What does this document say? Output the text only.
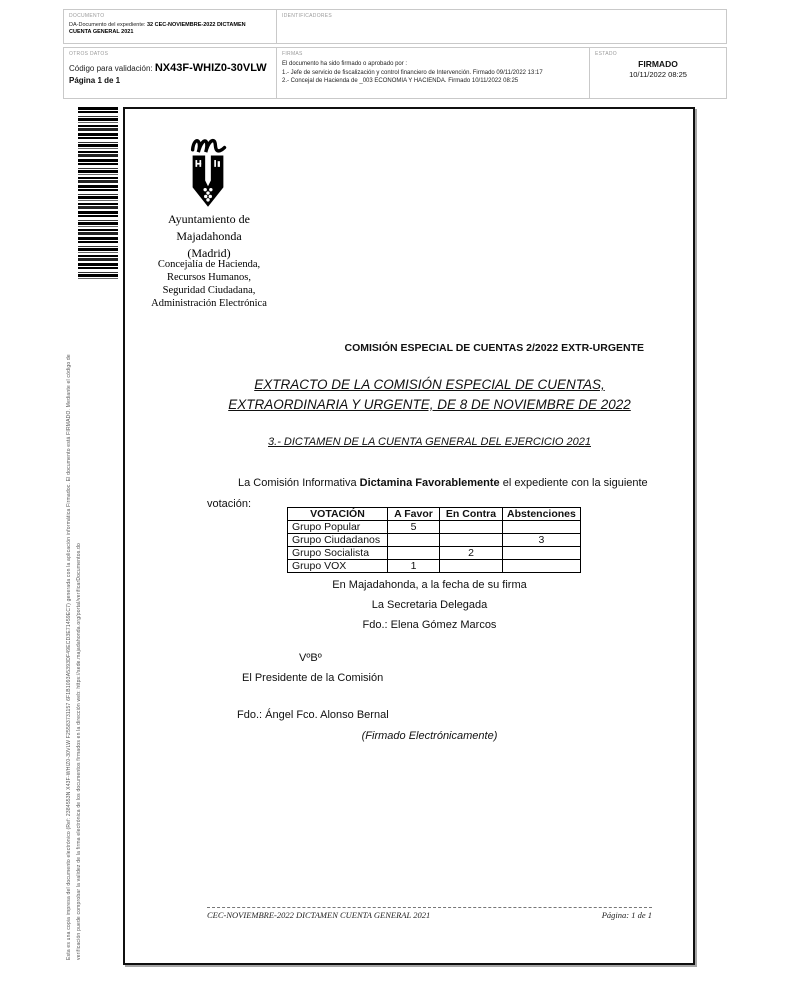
DOCUMENTO
DA-Documento del expediente: 32 CEC-NOVIEMBRE-2022 DICTAMEN CUENTA GENERAL 2021
IDENTIFICADORES
OTROS DATOS
Código para validación: NX43F-WHIZ0-30VLW
Página 1 de 1
FIRMAS
El documento ha sido firmado o aprobado por :
1.- Jefe de servicio de fiscalización y control financiero de Intervención. Firmado 09/11/2022 13:17
2.- Concejal de Hacienda de _003 ECONOMIA Y HACIENDA. Firmado 10/11/2022 08:25
ESTADO
FIRMADO
10/11/2022 08:25
Esta es una copia impresa del documento electrónico (Ref: 2384553N X43F-WHIZ0-30VLW F25583731157 6F1B1093A5393DF49ECD3E71459EC7) generada con la aplicación informática Firmadoc. El documento está FIRMADO. Mediante el código de verificación puede comprobar la validez de la firma electrónica de los documentos firmados en la dirección web: https://sede.majadahonda.org/portal/verificarDocumentos.do
Ayuntamiento de
Majadahonda
(Madrid)
Concejalía de Hacienda,
Recursos Humanos,
Seguridad Ciudadana,
Administración Electrónica
COMISIÓN ESPECIAL DE CUENTAS 2/2022 EXTR-URGENTE
EXTRACTO DE LA COMISIÓN ESPECIAL DE CUENTAS,
EXTRAORDINARIA Y URGENTE, DE 8 DE NOVIEMBRE DE 2022
3.- DICTAMEN DE LA CUENTA GENERAL DEL EJERCICIO 2021
La Comisión Informativa Dictamina Favorablemente el expediente con la siguiente
votación:
VOTACIÓN	A Favor	En Contra	Abstenciones
Grupo Popular	5		
Grupo Ciudadanos			3
Grupo Socialista		2	
Grupo VOX	1		
En Majadahonda, a la fecha de su firma
La Secretaria Delegada
Fdo.: Elena Gómez Marcos
VºBº
El Presidente de la Comisión
Fdo.: Ángel Fco. Alonso Bernal
(Firmado Electrónicamente)
CEC-NOVIEMBRE-2022 DICTAMEN CUENTA GENERAL 2021	Página: 1 de 1
